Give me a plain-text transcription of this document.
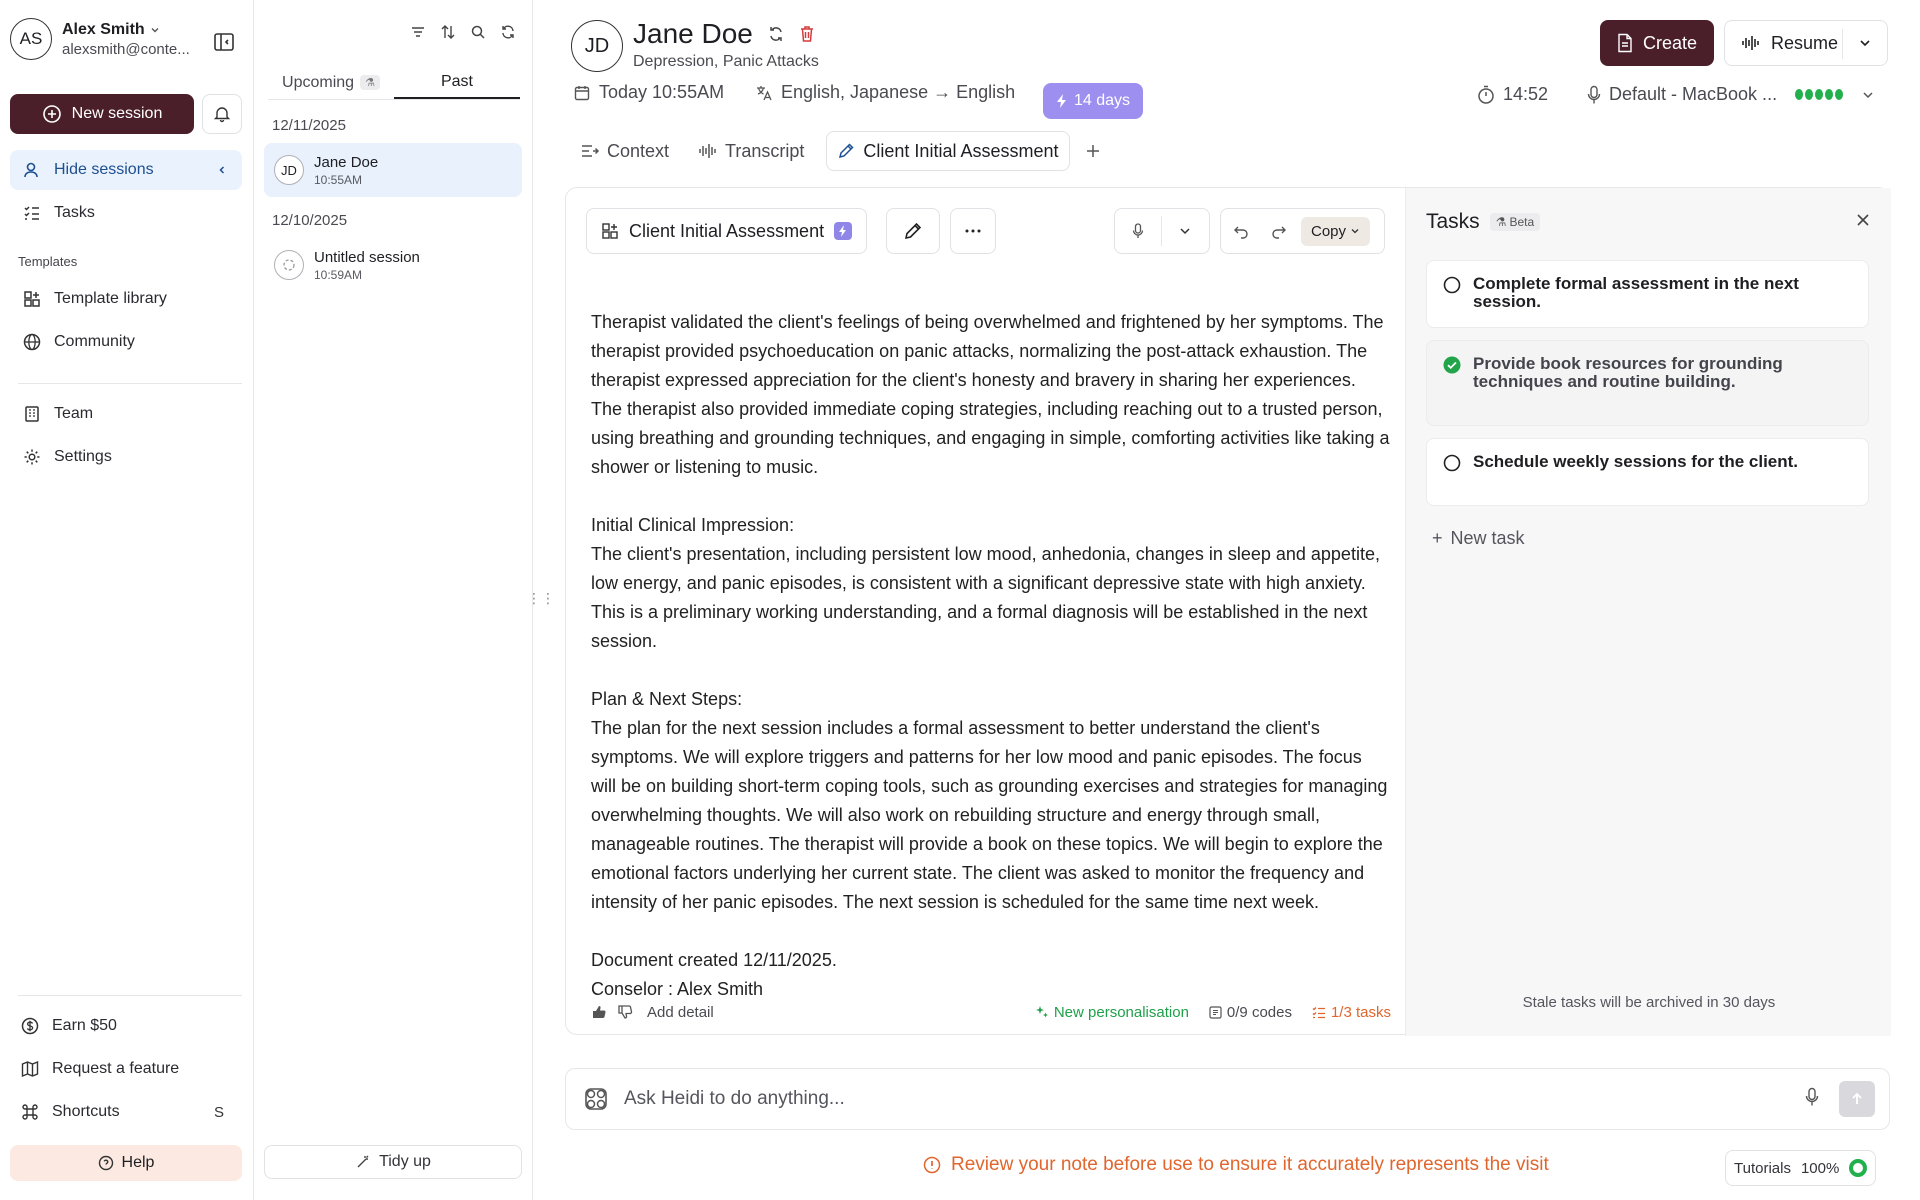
AS	Alex Smith
alexsmith@conte...
New session
Hide sessions
Tasks
Templates
Template library
Community
Team
Settings
Earn $50
Request a feature
Shortcuts	S
Help
Upcoming	⚗	Past
12/11/2025
JD	Jane Doe
10:55AM
12/10/2025
Untitled session
10:59AM
Tidy up
⋮⋮
JD Jane Doe
Depression, Panic Attacks
Today 10:55AM	English, Japanese → English	14 days
Create	Resume
14:52	Default - MacBook ...
Context	Transcript	Client Initial Assessment
Client Initial Assessment	Copy

Therapist validated the client's feelings of being overwhelmed and frightened by her symptoms. The therapist provided psychoeducation on panic attacks, normalizing the post-attack exhaustion. The therapist expressed appreciation for the client's honesty and bravery in sharing her experiences. The therapist also provided immediate coping strategies, including reaching out to a trusted person, using breathing and grounding techniques, and engaging in simple, comforting activities like taking a shower or listening to music.

Initial Clinical Impression:
The client's presentation, including persistent low mood, anhedonia, changes in sleep and appetite, low energy, and panic episodes, is consistent with a significant depressive state with high anxiety. This is a preliminary working understanding, and a formal diagnosis will be established in the next session.

Plan & Next Steps:
The plan for the next session includes a formal assessment to better understand the client's symptoms. We will explore triggers and patterns for her low mood and panic episodes. The focus will be on building short-term coping tools, such as grounding exercises and strategies for managing overwhelming thoughts. We will also work on rebuilding structure and energy through small, manageable routines. The therapist will provide a book on these topics. We will begin to explore the emotional factors underlying her current state. The client was asked to monitor the frequency and intensity of her panic episodes. The next session is scheduled for the same time next week.

Document created 12/11/2025.
Conselor : Alex Smith

Add detail	New personalisation	0/9 codes	1/3 tasks
Tasks ⚗ Beta
Complete formal assessment in the next session.
Provide book resources for grounding techniques and routine building.
Schedule weekly sessions for the client.
+ New task
Stale tasks will be archived in 30 days
Ask Heidi to do anything...
Review your note before use to ensure it accurately represents the visit	Tutorials 100%
